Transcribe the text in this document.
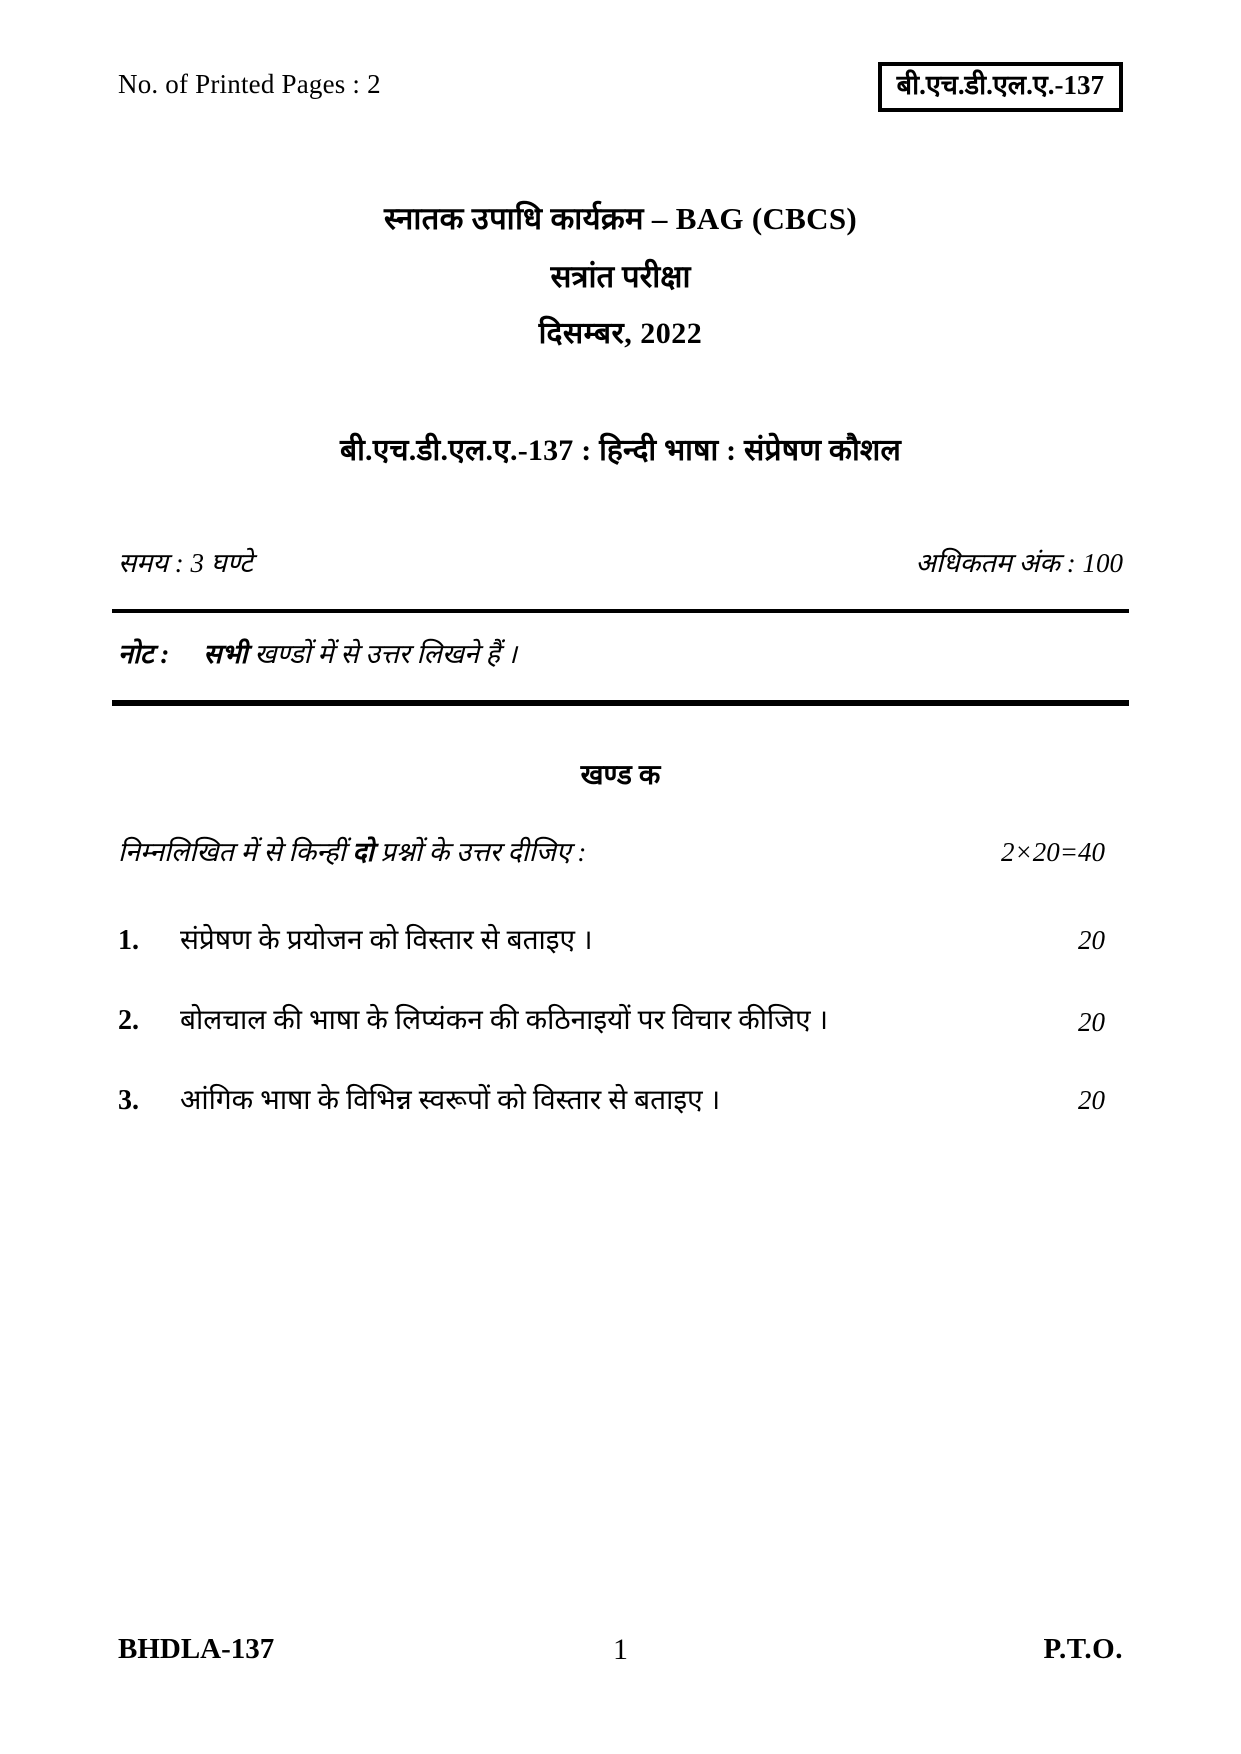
No. of Printed Pages : 2	बी.एच.डी.एल.ए.-137
स्नातक उपाधि कार्यक्रम – BAG (CBCS)
सत्रांत परीक्षा
दिसम्बर, 2022
बी.एच.डी.एल.ए.-137 : हिन्दी भाषा : संप्रेषण कौशल
समय : 3 घण्टे	अधिकतम अंक : 100
नोट : सभी खण्डों में से उत्तर लिखने हैं ।
खण्ड क
निम्नलिखित में से किन्हीं दो प्रश्नों के उत्तर दीजिए :	2×20=40
1.	संप्रेषण के प्रयोजन को विस्तार से बताइए ।	20
2.	बोलचाल की भाषा के लिप्यंकन की कठिनाइयों पर विचार कीजिए ।	20
3.	आंगिक भाषा के विभिन्न स्वरूपों को विस्तार से बताइए ।	20
BHDLA-137	1	P.T.O.
